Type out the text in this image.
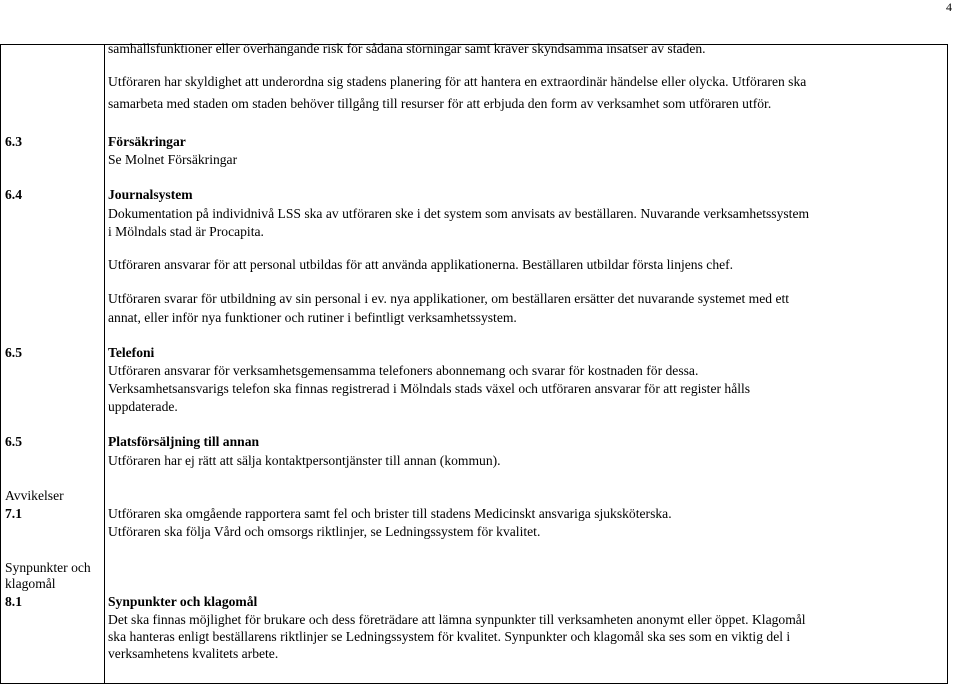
4
samhällsfunktioner eller överhängande risk för sådana störningar samt kräver skyndsamma insatser av staden.
Utföraren har skyldighet att underordna sig stadens planering för att hantera en extraordinär händelse eller olycka. Utföraren ska
samarbeta med staden om staden behöver tillgång till resurser för att erbjuda den form av verksamhet som utföraren utför.
6.3	Försäkringar
Se Molnet Försäkringar
6.4	Journalsystem
Dokumentation på individnivå LSS ska av utföraren ske i det system som anvisats av beställaren. Nuvarande verksamhetssystem
i Mölndals stad är Procapita.
Utföraren ansvarar för att personal utbildas för att använda applikationerna. Beställaren utbildar första linjens chef.
Utföraren svarar för utbildning av sin personal i ev. nya applikationer, om beställaren ersätter det nuvarande systemet med ett
annat, eller inför nya funktioner och rutiner i befintligt verksamhetssystem.
6.5	Telefoni
Utföraren ansvarar för verksamhetsgemensamma telefoners abonnemang och svarar för kostnaden för dessa.
Verksamhetsansvarigs telefon ska finnas registrerad i Mölndals stads växel och utföraren ansvarar för att register hålls
uppdaterade.
6.5	Platsförsäljning till annan
Utföraren har ej rätt att sälja kontaktpersontjänster till annan (kommun).
Avvikelser
7.1	Utföraren ska omgående rapportera samt fel och brister till stadens Medicinskt ansvariga sjuksköterska.
Utföraren ska följa Vård och omsorgs riktlinjer, se Ledningssystem för kvalitet.
Synpunkter och
klagomål
8.1	Synpunkter och klagomål
Det ska finnas möjlighet för brukare och dess företrädare att lämna synpunkter till verksamheten anonymt eller öppet. Klagomål
ska hanteras enligt beställarens riktlinjer se Ledningssystem för kvalitet. Synpunkter och klagomål ska ses som en viktig del i
verksamhetens kvalitets arbete.
